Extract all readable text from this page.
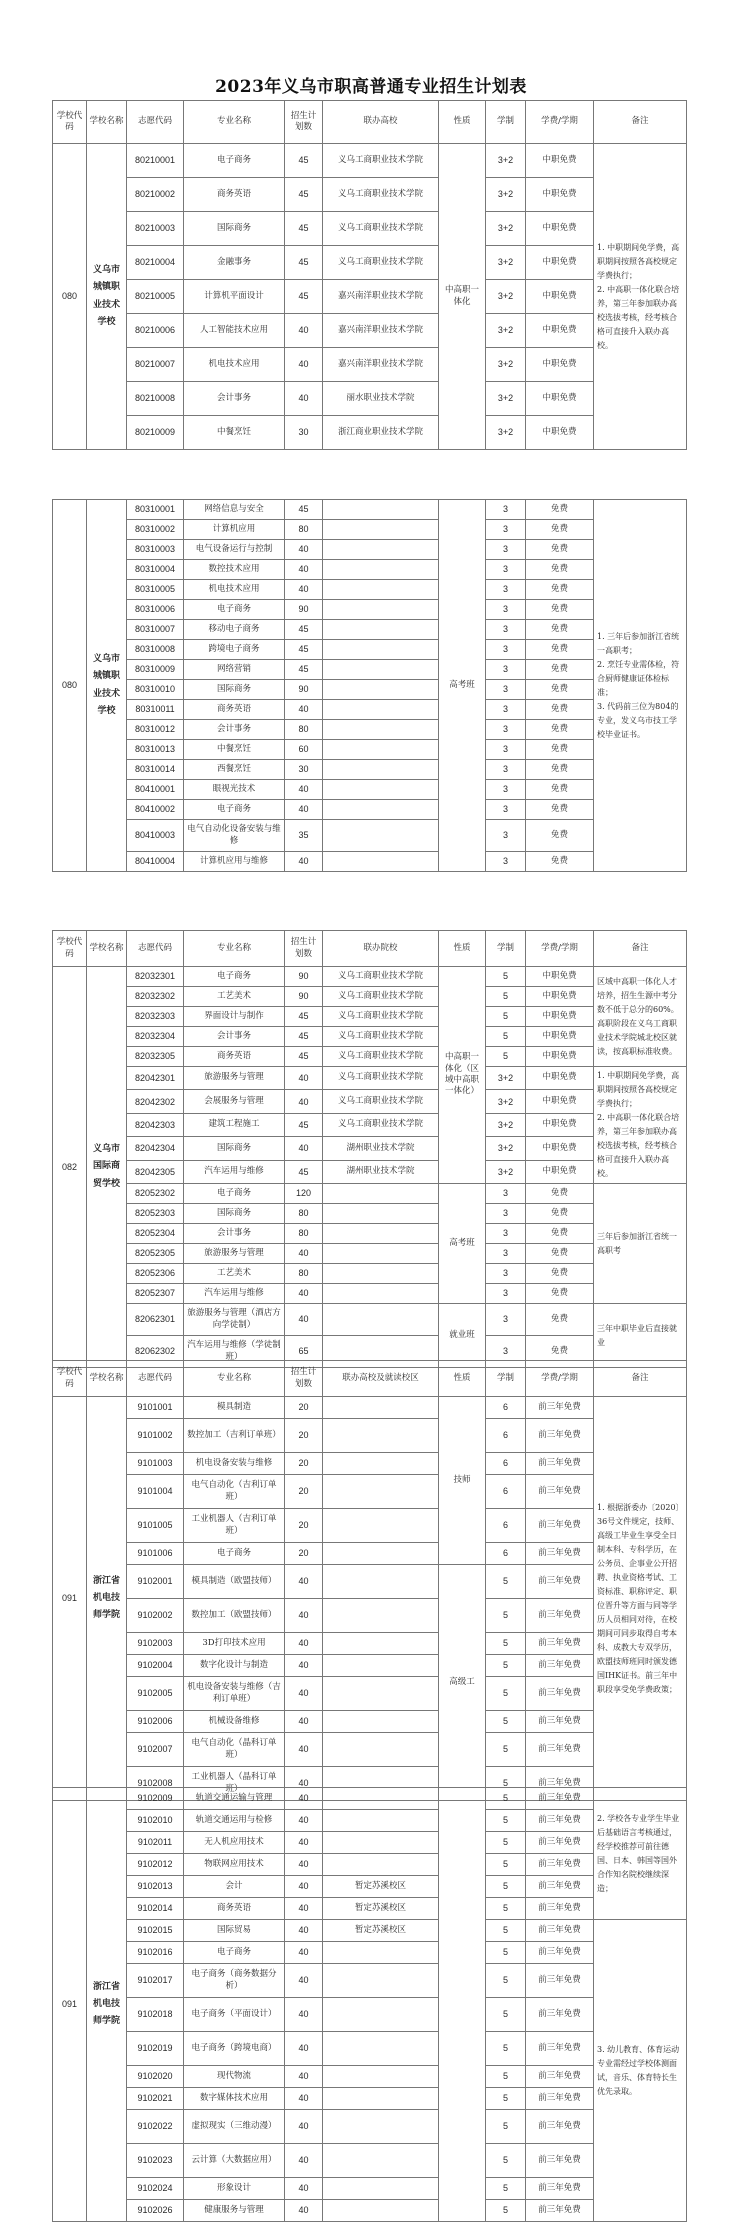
2023年义乌市职高普通专业招生计划表
学校代码	学校名称	志愿代码	专业名称	招生计划数	联办高校	性质	学制	学费/学期	备注
080	义乌市城镇职业技术学校	80210001	电子商务	45	义乌工商职业技术学院	中高职一体化	3+2	中职免费	1. 中职期间免学费，高职期间按照各高校规定学费执行；
2. 中高职一体化联合培养，第三年参加联办高校选拔考核，经考核合格可直接升入联办高校。
		80210002	商务英语	45	义乌工商职业技术学院		3+2	中职免费	
		80210003	国际商务	45	义乌工商职业技术学院		3+2	中职免费	
		80210004	金融事务	45	义乌工商职业技术学院		3+2	中职免费	
		80210005	计算机平面设计	45	嘉兴南洋职业技术学院		3+2	中职免费	
		80210006	人工智能技术应用	40	嘉兴南洋职业技术学院		3+2	中职免费	
		80210007	机电技术应用	40	嘉兴南洋职业技术学院		3+2	中职免费	
		80210008	会计事务	40	丽水职业技术学院		3+2	中职免费	
		80210009	中餐烹饪	30	浙江商业职业技术学院		3+2	中职免费	
080	义乌市城镇职业技术学校	80310001	网络信息与安全	45		高考班	3	免费	1. 三年后参加浙江省统一高职考；
2. 烹饪专业需体检，符合厨师健康证体检标准；
3. 代码前三位为804的专业，发义乌市技工学校毕业证书。
		80310002	计算机应用	80			3	免费	
		80310003	电气设备运行与控制	40			3	免费	
		80310004	数控技术应用	40			3	免费	
		80310005	机电技术应用	40			3	免费	
		80310006	电子商务	90			3	免费	
		80310007	移动电子商务	45			3	免费	
		80310008	跨境电子商务	45			3	免费	
		80310009	网络营销	45			3	免费	
		80310010	国际商务	90			3	免费	
		80310011	商务英语	40			3	免费	
		80310012	会计事务	80			3	免费	
		80310013	中餐烹饪	60			3	免费	
		80310014	西餐烹饪	30			3	免费	
		80410001	眼视光技术	40			3	免费	
		80410002	电子商务	40			3	免费	
		80410003	电气自动化设备安装与维修	35			3	免费	
		80410004	计算机应用与维修	40			3	免费	
学校代码	学校名称	志愿代码	专业名称	招生计划数	联办院校	性质	学制	学费/学期	备注
082	义乌市国际商贸学校	82032301	电子商务	90	义乌工商职业技术学院	中高职一体化（区域中高职一体化）	5	中职免费	区域中高职一体化人才培养，招生生源中考分数不低于总分的60%。高职阶段在义乌工商职业技术学院城北校区就读，按高职标准收费。
		82032302	工艺美术	90	义乌工商职业技术学院		5	中职免费	
		82032303	界面设计与制作	45	义乌工商职业技术学院		5	中职免费	
		82032304	会计事务	45	义乌工商职业技术学院		5	中职免费	
		82032305	商务英语	45	义乌工商职业技术学院		5	中职免费	
		82042301	旅游服务与管理	40	义乌工商职业技术学院		3+2	中职免费	1. 中职期间免学费，高职期间按照各高校规定学费执行；
2. 中高职一体化联合培养，第三年参加联办高校选拔考核，经考核合格可直接升入联办高校。
		82042302	会展服务与管理	40	义乌工商职业技术学院		3+2	中职免费	
		82042303	建筑工程施工	45	义乌工商职业技术学院		3+2	中职免费	
		82042304	国际商务	40	湖州职业技术学院		3+2	中职免费	
		82042305	汽车运用与维修	45	湖州职业技术学院		3+2	中职免费	
		82052302	电子商务	120		高考班	3	免费	三年后参加浙江省统一高职考
		82052303	国际商务	80			3	免费	
		82052304	会计事务	80			3	免费	
		82052305	旅游服务与管理	40			3	免费	
		82052306	工艺美术	80			3	免费	
		82052307	汽车运用与维修	40			3	免费	
		82062301	旅游服务与管理（酒店方向学徒制）	40		就业班	3	免费	三年中职毕业后直接就业
		82062302	汽车运用与维修（学徒制班）	65			3	免费	
学校代码	学校名称	志愿代码	专业名称	招生计划数	联办高校及就读校区	性质	学制	学费/学期	备注
091	浙江省机电技师学院	9101001	模具制造	20		技师	6	前三年免费	1. 根据浙委办〔2020〕36号文件规定，技师、高级工毕业生享受全日制本科、专科学历，在公务员、企事业公开招聘、执业资格考试、工资标准、职称评定、职位晋升等方面与同等学历人员相同对待，在校期间可同步取得自考本科、成教大专双学历，欧盟技师班同时颁发德国IHK证书。前三年中职段享受免学费政策；
		9101002	数控加工（吉利订单班）	20			6	前三年免费	
		9101003	机电设备安装与维修	20			6	前三年免费	
		9101004	电气自动化（吉利订单班）	20			6	前三年免费	
		9101005	工业机器人（吉利订单班）	20			6	前三年免费	
		9101006	电子商务	20			6	前三年免费	
		9102001	模具制造（欧盟技师）	40		高级工	5	前三年免费	
		9102002	数控加工（欧盟技师）	40			5	前三年免费	
		9102003	3D打印技术应用	40			5	前三年免费	
		9102004	数字化设计与制造	40			5	前三年免费	
		9102005	机电设备安装与维修（吉利订单班）	40			5	前三年免费	
		9102006	机械设备维修	40			5	前三年免费	
		9102007	电气自动化（晶科订单班）	40			5	前三年免费	
		9102008	工业机器人（晶科订单班）	40			5	前三年免费	
091	浙江省机电技师学院	9102009	轨道交通运输与管理	40			5	前三年免费	2. 学校各专业学生毕业后基础语言考核通过，经学校推荐可前往德国、日本、韩国等国外合作知名院校继续深造；
		9102010	轨道交通运用与检修	40			5	前三年免费	
		9102011	无人机应用技术	40			5	前三年免费	
		9102012	物联网应用技术	40			5	前三年免费	
		9102013	会计	40	暂定苏溪校区		5	前三年免费	
		9102014	商务英语	40	暂定苏溪校区		5	前三年免费	
		9102015	国际贸易	40	暂定苏溪校区		5	前三年免费	3. 幼儿教育、体育运动专业需经过学校体测面试，音乐、体育特长生优先录取。
		9102016	电子商务	40			5	前三年免费	
		9102017	电子商务（商务数据分析）	40			5	前三年免费	
		9102018	电子商务（平面设计）	40			5	前三年免费	
		9102019	电子商务（跨境电商）	40			5	前三年免费	
		9102020	现代物流	40			5	前三年免费	
		9102021	数字媒体技术应用	40			5	前三年免费	
		9102022	虚拟现实（三维动漫）	40			5	前三年免费	
		9102023	云计算（大数据应用）	40			5	前三年免费	
		9102024	形象设计	40			5	前三年免费	
		9102026	健康服务与管理	40			5	前三年免费	
